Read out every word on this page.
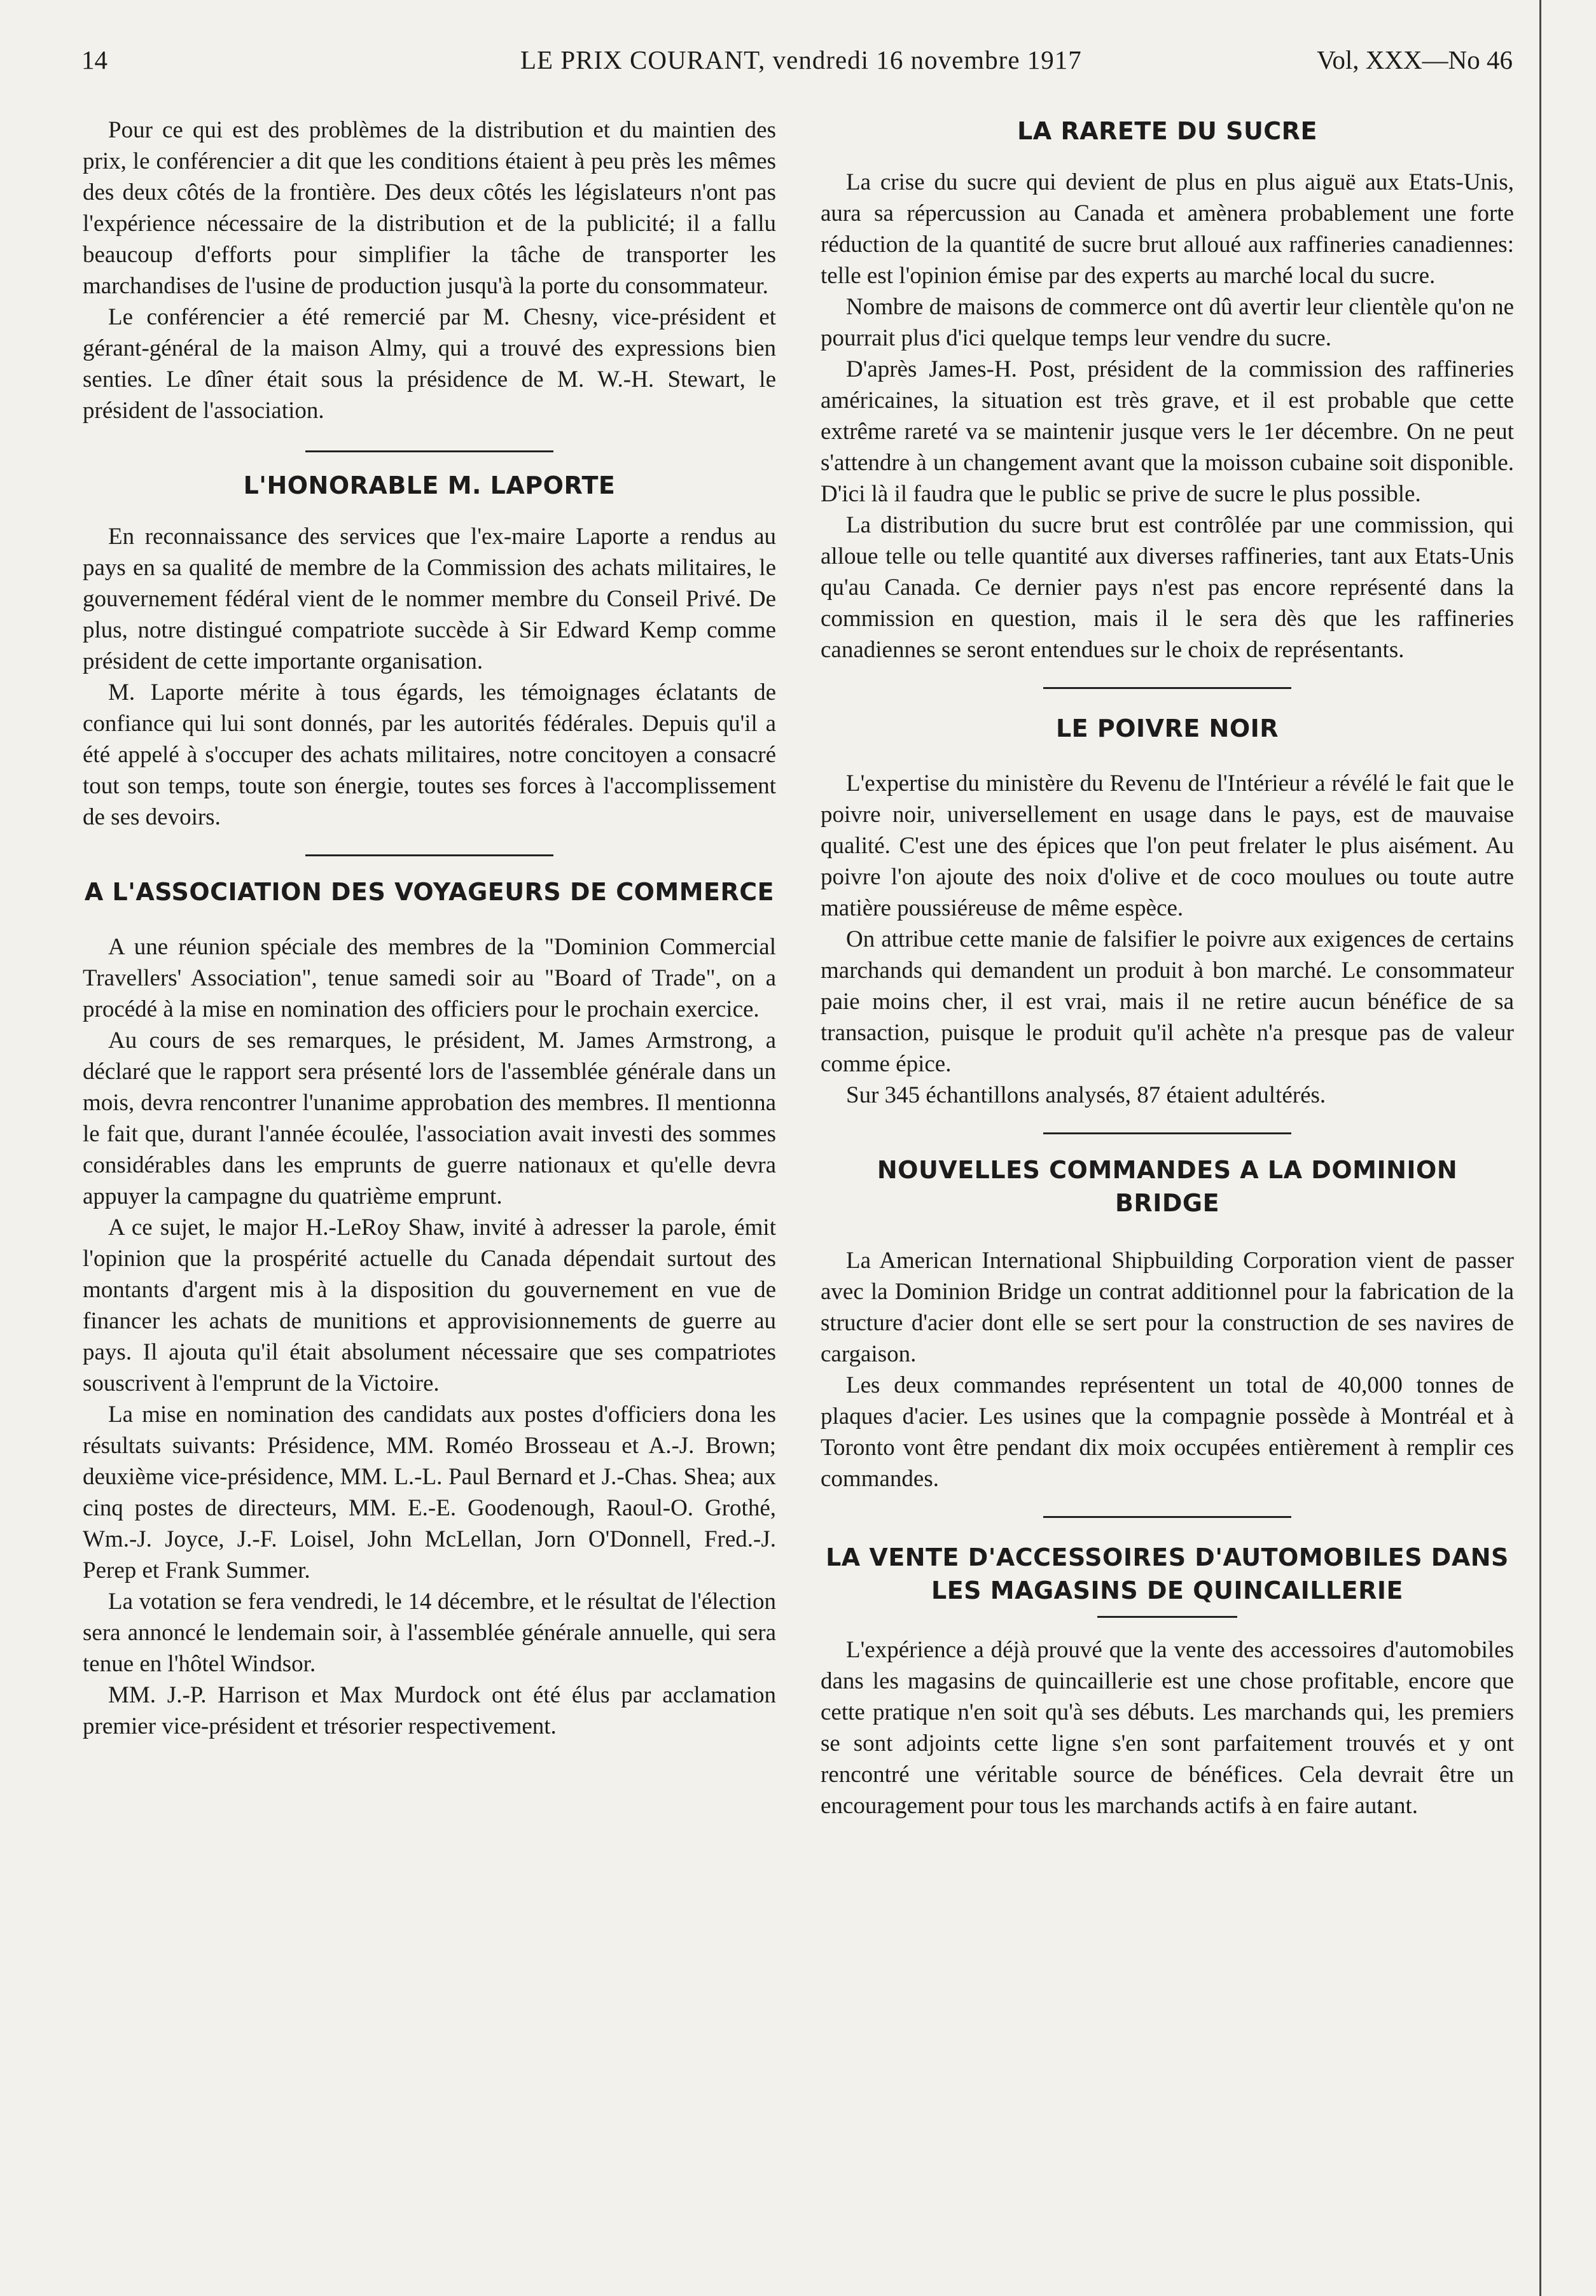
14	LE PRIX COURANT, vendredi 16 novembre 1917	Vol, XXX—No 46

Pour ce qui est des problèmes de la distribution et du maintien des prix, le conférencier a dit que les conditions étaient à peu près les mêmes des deux côtés de la frontière. Des deux côtés les législateurs n'ont pas l'expérience nécessaire de la distribution et de la publicité; il a fallu beaucoup d'efforts pour simplifier la tâche de transporter les marchandises de l'usine de production jusqu'à la porte du consommateur.

Le conférencier a été remercié par M. Chesny, vice-président et gérant-général de la maison Almy, qui a trouvé des expressions bien senties. Le dîner était sous la présidence de M. W.-H. Stewart, le président de l'association.

L'HONORABLE M. LAPORTE

En reconnaissance des services que l'ex-maire Laporte a rendus au pays en sa qualité de membre de la Commission des achats militaires, le gouvernement fédéral vient de le nommer membre du Conseil Privé. De plus, notre distingué compatriote succède à Sir Edward Kemp comme président de cette importante organisation.

M. Laporte mérite à tous égards, les témoignages éclatants de confiance qui lui sont donnés, par les autorités fédérales. Depuis qu'il a été appelé à s'occuper des achats militaires, notre concitoyen a consacré tout son temps, toute son énergie, toutes ses forces à l'accomplissement de ses devoirs.

A L'ASSOCIATION DES VOYAGEURS DE COMMERCE

A une réunion spéciale des membres de la "Dominion Commercial Travellers' Association", tenue samedi soir au "Board of Trade", on a procédé à la mise en nomination des officiers pour le prochain exercice.

Au cours de ses remarques, le président, M. James Armstrong, a déclaré que le rapport sera présenté lors de l'assemblée générale dans un mois, devra rencontrer l'unanime approbation des membres. Il mentionna le fait que, durant l'année écoulée, l'association avait investi des sommes considérables dans les emprunts de guerre nationaux et qu'elle devra appuyer la campagne du quatrième emprunt.

A ce sujet, le major H.-LeRoy Shaw, invité à adresser la parole, émit l'opinion que la prospérité actuelle du Canada dépendait surtout des montants d'argent mis à la disposition du gouvernement en vue de financer les achats de munitions et approvisionnements de guerre au pays. Il ajouta qu'il était absolument nécessaire que ses compatriotes souscrivent à l'emprunt de la Victoire.

La mise en nomination des candidats aux postes d'officiers dona les résultats suivants: Présidence, MM. Roméo Brosseau et A.-J. Brown; deuxième vice-présidence, MM. L.-L. Paul Bernard et J.-Chas. Shea; aux cinq postes de directeurs, MM. E.-E. Goodenough, Raoul-O. Grothé, Wm.-J. Joyce, J.-F. Loisel, John McLellan, Jorn O'Donnell, Fred.-J. Perep et Frank Summer.

La votation se fera vendredi, le 14 décembre, et le résultat de l'élection sera annoncé le lendemain soir, à l'assemblée générale annuelle, qui sera tenue en l'hôtel Windsor.

MM. J.-P. Harrison et Max Murdock ont été élus par acclamation premier vice-président et trésorier respectivement.

LA RARETE DU SUCRE

La crise du sucre qui devient de plus en plus aiguë aux Etats-Unis, aura sa répercussion au Canada et amènera probablement une forte réduction de la quantité de sucre brut alloué aux raffineries canadiennes: telle est l'opinion émise par des experts au marché local du sucre.

Nombre de maisons de commerce ont dû avertir leur clientèle qu'on ne pourrait plus d'ici quelque temps leur vendre du sucre.

D'après James-H. Post, président de la commission des raffineries américaines, la situation est très grave, et il est probable que cette extrême rareté va se maintenir jusque vers le 1er décembre. On ne peut s'attendre à un changement avant que la moisson cubaine soit disponible. D'ici là il faudra que le public se prive de sucre le plus possible.

La distribution du sucre brut est contrôlée par une commission, qui alloue telle ou telle quantité aux diverses raffineries, tant aux Etats-Unis qu'au Canada. Ce dernier pays n'est pas encore représenté dans la commission en question, mais il le sera dès que les raffineries canadiennes se seront entendues sur le choix de représentants.

LE POIVRE NOIR

L'expertise du ministère du Revenu de l'Intérieur a révélé le fait que le poivre noir, universellement en usage dans le pays, est de mauvaise qualité. C'est une des épices que l'on peut frelater le plus aisément. Au poivre l'on ajoute des noix d'olive et de coco moulues ou toute autre matière poussiéreuse de même espèce.

On attribue cette manie de falsifier le poivre aux exigences de certains marchands qui demandent un produit à bon marché. Le consommateur paie moins cher, il est vrai, mais il ne retire aucun bénéfice de sa transaction, puisque le produit qu'il achète n'a presque pas de valeur comme épice.

Sur 345 échantillons analysés, 87 étaient adultérés.

NOUVELLES COMMANDES A LA DOMINION BRIDGE

La American International Shipbuilding Corporation vient de passer avec la Dominion Bridge un contrat additionnel pour la fabrication de la structure d'acier dont elle se sert pour la construction de ses navires de cargaison.

Les deux commandes représentent un total de 40,000 tonnes de plaques d'acier. Les usines que la compagnie possède à Montréal et à Toronto vont être pendant dix moix occupées entièrement à remplir ces commandes.

LA VENTE D'ACCESSOIRES D'AUTOMOBILES DANS LES MAGASINS DE QUINCAILLERIE

L'expérience a déjà prouvé que la vente des accessoires d'automobiles dans les magasins de quincaillerie est une chose profitable, encore que cette pratique n'en soit qu'à ses débuts. Les marchands qui, les premiers se sont adjoints cette ligne s'en sont parfaitement trouvés et y ont rencontré une véritable source de bénéfices. Cela devrait être un encouragement pour tous les marchands actifs à en faire autant.
